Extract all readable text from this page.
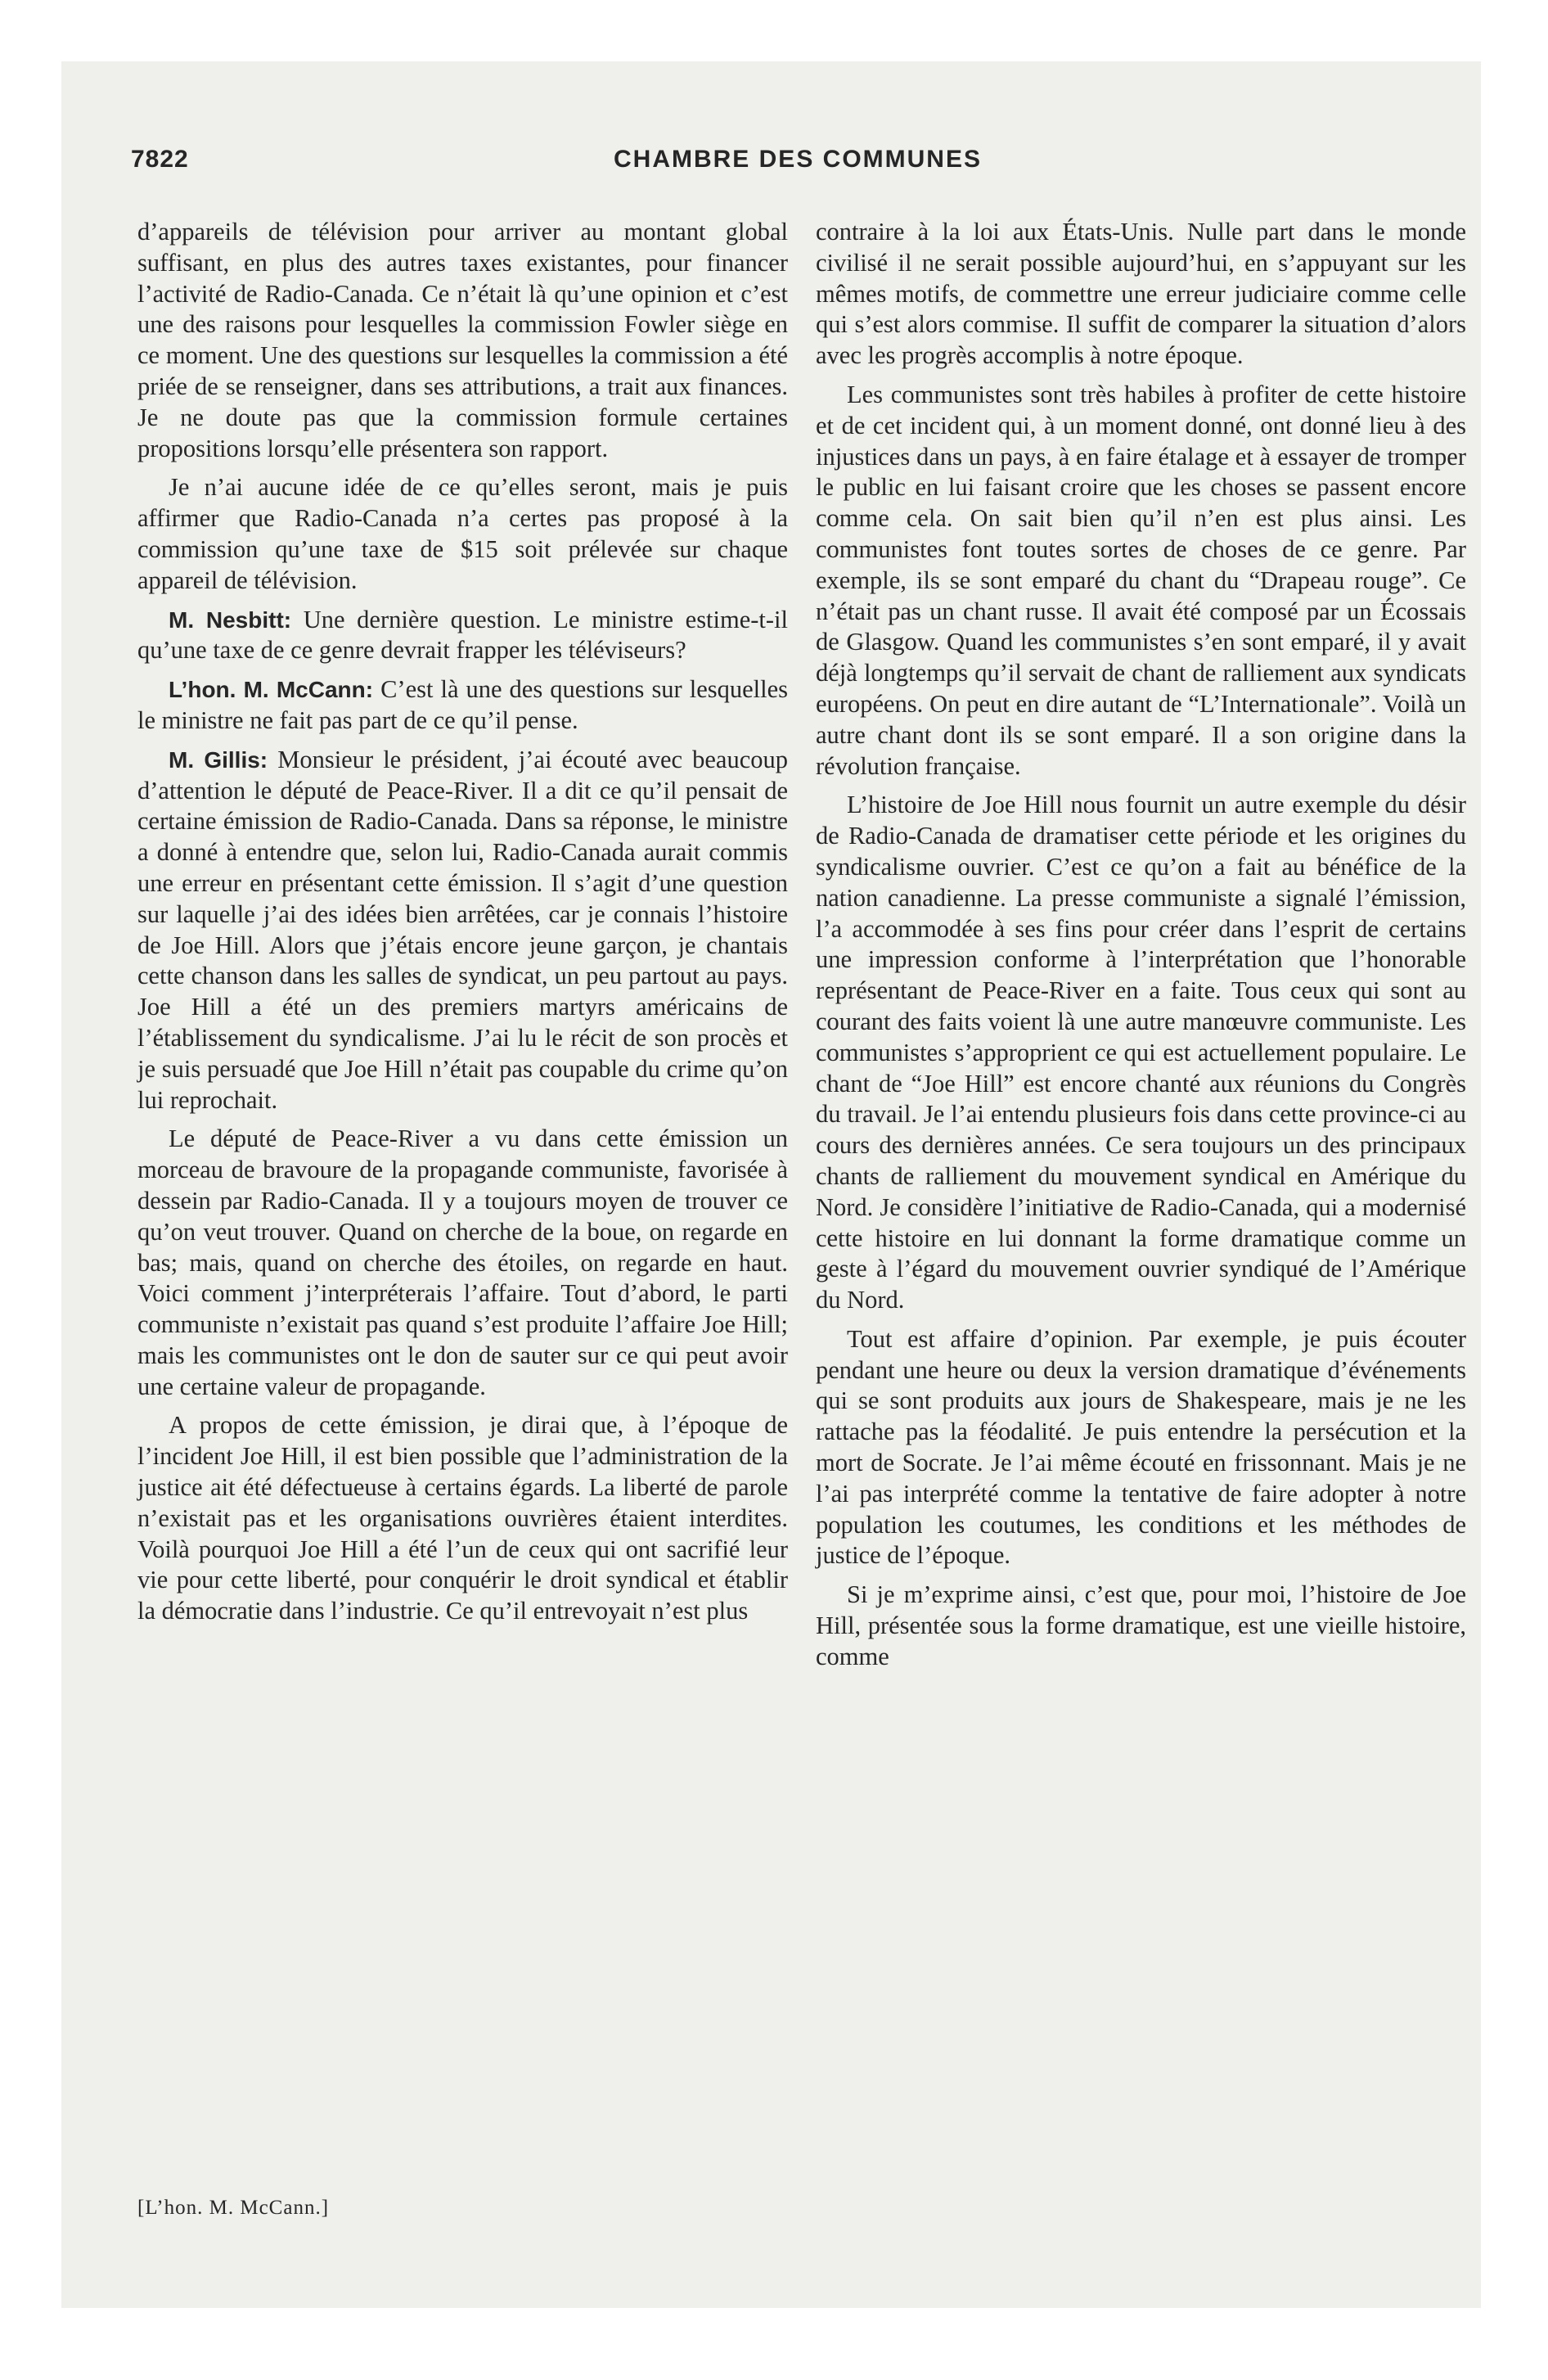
7822	CHAMBRE DES COMMUNES

d’appareils de télévision pour arriver au montant global suffisant, en plus des autres taxes existantes, pour financer l’activité de Radio-Canada. Ce n’était là qu’une opinion et c’est une des raisons pour lesquelles la commission Fowler siège en ce moment. Une des questions sur lesquelles la commission a été priée de se renseigner, dans ses attributions, a trait aux finances. Je ne doute pas que la commission formule certaines propositions lorsqu’elle présentera son rapport.

Je n’ai aucune idée de ce qu’elles seront, mais je puis affirmer que Radio-Canada n’a certes pas proposé à la commission qu’une taxe de $15 soit prélevée sur chaque appareil de télévision.

M. Nesbitt: Une dernière question. Le ministre estime-t-il qu’une taxe de ce genre devrait frapper les téléviseurs?

L’hon. M. McCann: C’est là une des questions sur lesquelles le ministre ne fait pas part de ce qu’il pense.

M. Gillis: Monsieur le président, j’ai écouté avec beaucoup d’attention le député de Peace-River. Il a dit ce qu’il pensait de certaine émission de Radio-Canada. Dans sa réponse, le ministre a donné à entendre que, selon lui, Radio-Canada aurait commis une erreur en présentant cette émission. Il s’agit d’une question sur laquelle j’ai des idées bien arrêtées, car je connais l’histoire de Joe Hill. Alors que j’étais encore jeune garçon, je chantais cette chanson dans les salles de syndicat, un peu partout au pays. Joe Hill a été un des premiers martyrs américains de l’établissement du syndicalisme. J’ai lu le récit de son procès et je suis persuadé que Joe Hill n’était pas coupable du crime qu’on lui reprochait.

Le député de Peace-River a vu dans cette émission un morceau de bravoure de la propagande communiste, favorisée à dessein par Radio-Canada. Il y a toujours moyen de trouver ce qu’on veut trouver. Quand on cherche de la boue, on regarde en bas; mais, quand on cherche des étoiles, on regarde en haut. Voici comment j’interpréterais l’affaire. Tout d’abord, le parti communiste n’existait pas quand s’est produite l’affaire Joe Hill; mais les communistes ont le don de sauter sur ce qui peut avoir une certaine valeur de propagande.

A propos de cette émission, je dirai que, à l’époque de l’incident Joe Hill, il est bien possible que l’administration de la justice ait été défectueuse à certains égards. La liberté de parole n’existait pas et les organisations ouvrières étaient interdites. Voilà pourquoi Joe Hill a été l’un de ceux qui ont sacrifié leur vie pour cette liberté, pour conquérir le droit syndical et établir la démocratie dans l’industrie. Ce qu’il entrevoyait n’est plus

contraire à la loi aux États-Unis. Nulle part dans le monde civilisé il ne serait possible aujourd’hui, en s’appuyant sur les mêmes motifs, de commettre une erreur judiciaire comme celle qui s’est alors commise. Il suffit de comparer la situation d’alors avec les progrès accomplis à notre époque.

Les communistes sont très habiles à profiter de cette histoire et de cet incident qui, à un moment donné, ont donné lieu à des injustices dans un pays, à en faire étalage et à essayer de tromper le public en lui faisant croire que les choses se passent encore comme cela. On sait bien qu’il n’en est plus ainsi. Les communistes font toutes sortes de choses de ce genre. Par exemple, ils se sont emparé du chant du “Drapeau rouge”. Ce n’était pas un chant russe. Il avait été composé par un Écossais de Glasgow. Quand les communistes s’en sont emparé, il y avait déjà longtemps qu’il servait de chant de ralliement aux syndicats européens. On peut en dire autant de “L’Internationale”. Voilà un autre chant dont ils se sont emparé. Il a son origine dans la révolution française.

L’histoire de Joe Hill nous fournit un autre exemple du désir de Radio-Canada de dramatiser cette période et les origines du syndicalisme ouvrier. C’est ce qu’on a fait au bénéfice de la nation canadienne. La presse communiste a signalé l’émission, l’a accommodée à ses fins pour créer dans l’esprit de certains une impression conforme à l’interprétation que l’honorable représentant de Peace-River en a faite. Tous ceux qui sont au courant des faits voient là une autre manœuvre communiste. Les communistes s’approprient ce qui est actuellement populaire. Le chant de “Joe Hill” est encore chanté aux réunions du Congrès du travail. Je l’ai entendu plusieurs fois dans cette province-ci au cours des dernières années. Ce sera toujours un des principaux chants de ralliement du mouvement syndical en Amérique du Nord. Je considère l’initiative de Radio-Canada, qui a modernisé cette histoire en lui donnant la forme dramatique comme un geste à l’égard du mouvement ouvrier syndiqué de l’Amérique du Nord.

Tout est affaire d’opinion. Par exemple, je puis écouter pendant une heure ou deux la version dramatique d’événements qui se sont produits aux jours de Shakespeare, mais je ne les rattache pas la féodalité. Je puis entendre la persécution et la mort de Socrate. Je l’ai même écouté en frissonnant. Mais je ne l’ai pas interprété comme la tentative de faire adopter à notre population les coutumes, les conditions et les méthodes de justice de l’époque.

Si je m’exprime ainsi, c’est que, pour moi, l’histoire de Joe Hill, présentée sous la forme dramatique, est une vieille histoire, comme

[L’hon. M. McCann.]
